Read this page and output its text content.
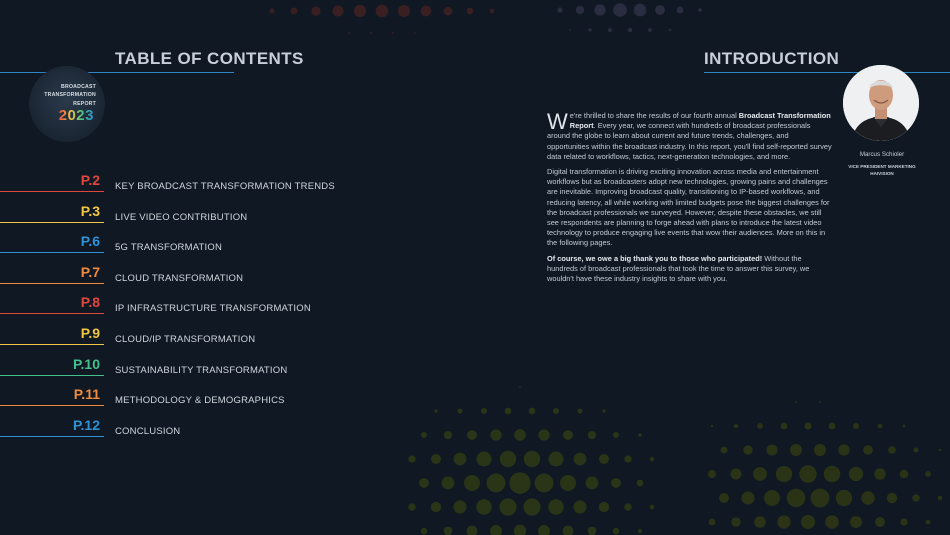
TABLE OF CONTENTS
BROADCAST
TRANSFORMATION
REPORT
2023
P.2 KEY BROADCAST TRANSFORMATION TRENDS
P.3 LIVE VIDEO CONTRIBUTION
P.6 5G TRANSFORMATION
P.7 CLOUD TRANSFORMATION
P.8 IP INFRASTRUCTURE TRANSFORMATION
P.9 CLOUD/IP TRANSFORMATION
P.10 SUSTAINABILITY TRANSFORMATION
P.11 METHODOLOGY & DEMOGRAPHICS
P.12 CONCLUSION
INTRODUCTION
Marcus Schioler
VICE PRESIDENT MARKETING
HAIVISION

We're thrilled to share the results of our fourth annual Broadcast Transformation Report. Every year, we connect with hundreds of broadcast professionals around the globe to learn about current and future trends, challenges, and opportunities within the broadcast industry. In this report, you'll find self-reported survey data related to workflows, tactics, next-generation technologies, and more.

Digital transformation is driving exciting innovation across media and entertainment workflows but as broadcasters adopt new technologies, growing pains and challenges are inevitable. Improving broadcast quality, transitioning to IP-based workflows, and reducing latency, all while working with limited budgets pose the biggest challenges for the broadcast professionals we surveyed. However, despite these obstacles, we still see respondents are planning to forge ahead with plans to introduce the latest video technology to produce engaging live events that wow their audiences. More on this in the following pages.

Of course, we owe a big thank you to those who participated! Without the hundreds of broadcast professionals that took the time to answer this survey, we wouldn't have these industry insights to share with you.
